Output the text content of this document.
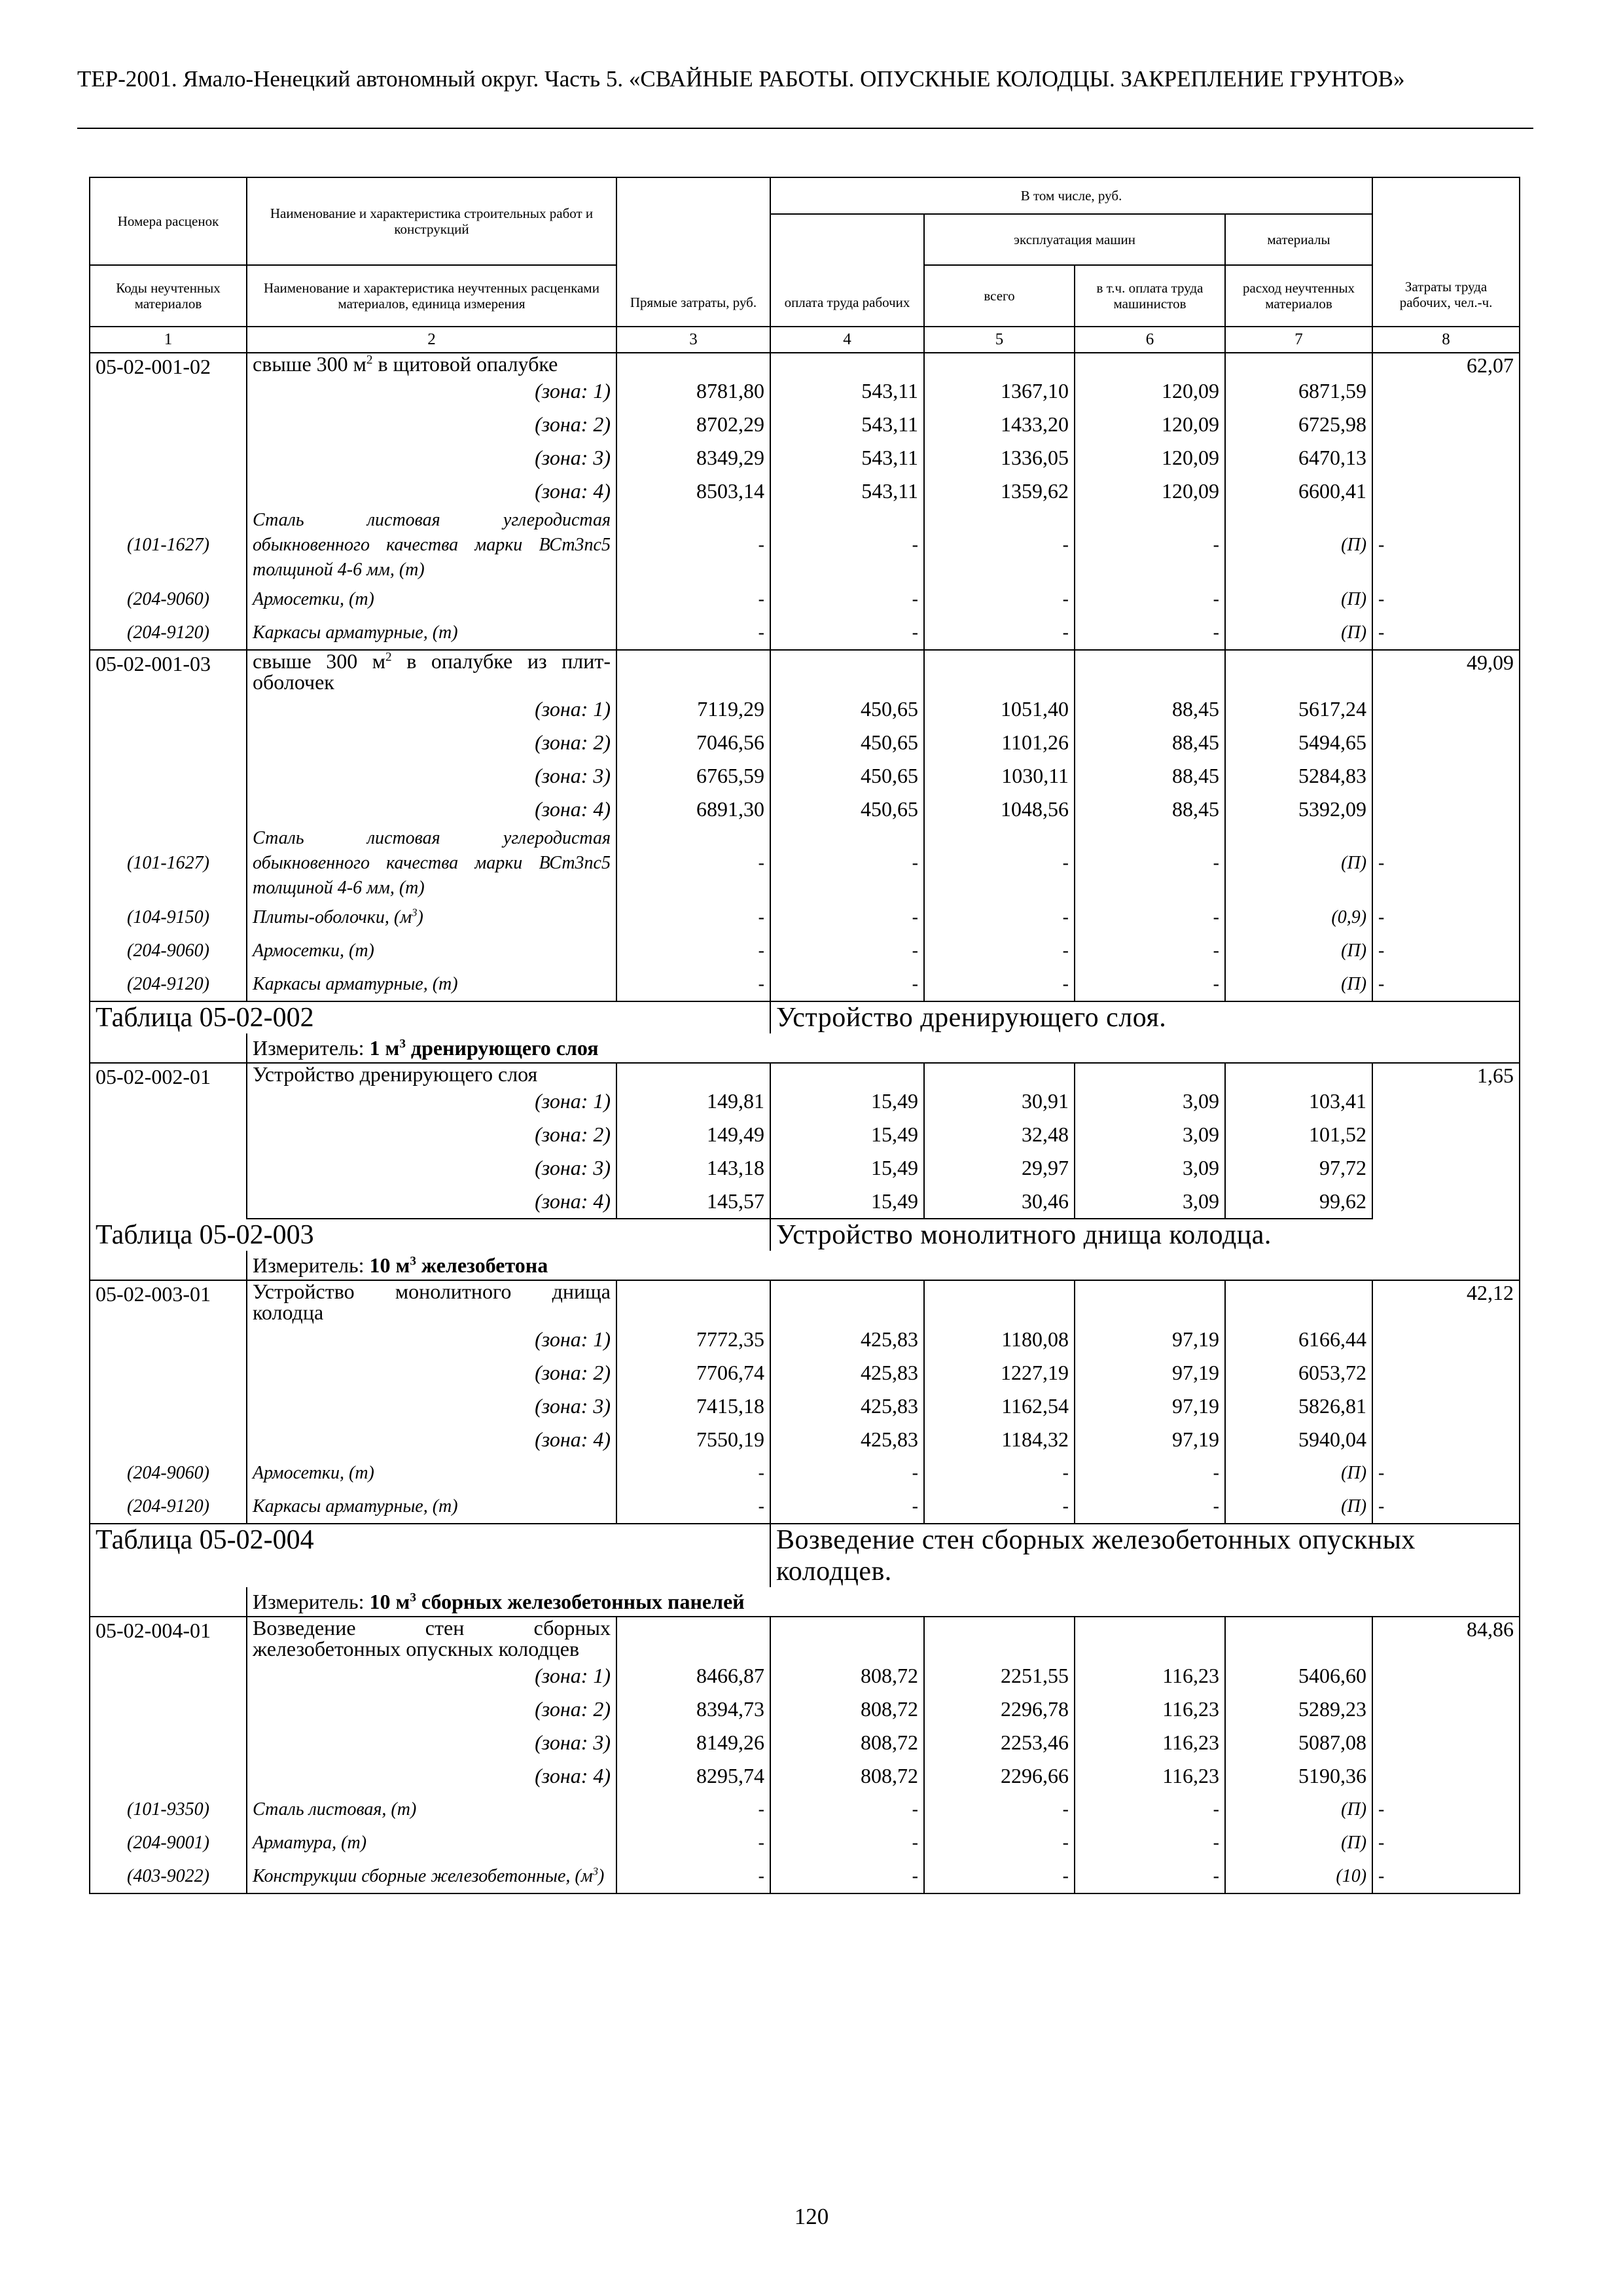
ТЕР-2001. Ямало-Ненецкий автономный округ. Часть 5. «СВАЙНЫЕ РАБОТЫ. ОПУСКНЫЕ КОЛОДЦЫ. ЗАКРЕПЛЕНИЕ ГРУНТОВ»
Номера расценок	Наименование и характеристика строительных работ и конструкций	Прямые затраты, руб.	В том числе, руб.				Затраты труда рабочих, чел.-ч.
			оплата труда рабочих	эксплуатация машин		материалы	
Коды неучтенных материалов	Наименование и характеристика неучтенных расценками материалов, единица измерения			всего	в т.ч. оплата труда машинистов	расход неучтенных материалов	
1	2	3	4	5	6	7	8
05-02-001-02	свыше 300 $м^2$ в щитовой опалубке						62,07
	(зона: 1)	8781,80	543,11	1367,10	120,09	6871,59	
	(зона: 2)	8702,29	543,11	1433,20	120,09	6725,98	
	(зона: 3)	8349,29	543,11	1336,05	120,09	6470,13	
	(зона: 4)	8503,14	543,11	1359,62	120,09	6600,41	
(101-1627)	Сталь листовая углеродистая обыкновенного качества марки ВСт3пс5 толщиной 4-6 мм, (т)	-	-	-	-	(П)	-
(204-9060)	Армосетки, (т)	-	-	-	-	(П)	-
(204-9120)	Каркасы арматурные, (т)	-	-	-	-	(П)	-
05-02-001-03	свыше 300 $м^2$ в опалубке из плит-оболочек						49,09
	(зона: 1)	7119,29	450,65	1051,40	88,45	5617,24	
	(зона: 2)	7046,56	450,65	1101,26	88,45	5494,65	
	(зона: 3)	6765,59	450,65	1030,11	88,45	5284,83	
	(зона: 4)	6891,30	450,65	1048,56	88,45	5392,09	
(101-1627)	Сталь листовая углеродистая обыкновенного качества марки ВСт3пс5 толщиной 4-6 мм, (т)	-	-	-	-	(П)	-
(104-9150)	Плиты-оболочки, $(м^3)$	-	-	-	-	(0,9)	-
(204-9060)	Армосетки, (т)	-	-	-	-	(П)	-
(204-9120)	Каркасы арматурные, (т)	-	-	-	-	(П)	-
Таблица 05-02-002			Устройство дренирующего слоя.				
	Измеритель: 1 $м^3$ дренирующего слоя						
05-02-002-01	Устройство дренирующего слоя						1,65
	(зона: 1)	149,81	15,49	30,91	3,09	103,41	
	(зона: 2)	149,49	15,49	32,48	3,09	101,52	
	(зона: 3)	143,18	15,49	29,97	3,09	97,72	
	(зона: 4)	145,57	15,49	30,46	3,09	99,62	
Таблица 05-02-003			Устройство монолитного днища колодца.				
	Измеритель: 10 $м^3$ железобетона						
05-02-003-01	Устройство монолитного днища колодца						42,12
	(зона: 1)	7772,35	425,83	1180,08	97,19	6166,44	
	(зона: 2)	7706,74	425,83	1227,19	97,19	6053,72	
	(зона: 3)	7415,18	425,83	1162,54	97,19	5826,81	
	(зона: 4)	7550,19	425,83	1184,32	97,19	5940,04	
(204-9060)	Армосетки, (т)	-	-	-	-	(П)	-
(204-9120)	Каркасы арматурные, (т)	-	-	-	-	(П)	-
Таблица 05-02-004			Возведение стен сборных железобетонных опускных колодцев.				
	Измеритель: 10 $м^3$ сборных железобетонных панелей						
05-02-004-01	Возведение стен сборных железобетонных опускных колодцев						84,86
	(зона: 1)	8466,87	808,72	2251,55	116,23	5406,60	
	(зона: 2)	8394,73	808,72	2296,78	116,23	5289,23	
	(зона: 3)	8149,26	808,72	2253,46	116,23	5087,08	
	(зона: 4)	8295,74	808,72	2296,66	116,23	5190,36	
(101-9350)	Сталь листовая, (т)	-	-	-	-	(П)	-
(204-9001)	Арматура, (т)	-	-	-	-	(П)	-
(403-9022)	Конструкции сборные железобетонные, $(м^3)$	-	-	-	-	(10)	-
120
